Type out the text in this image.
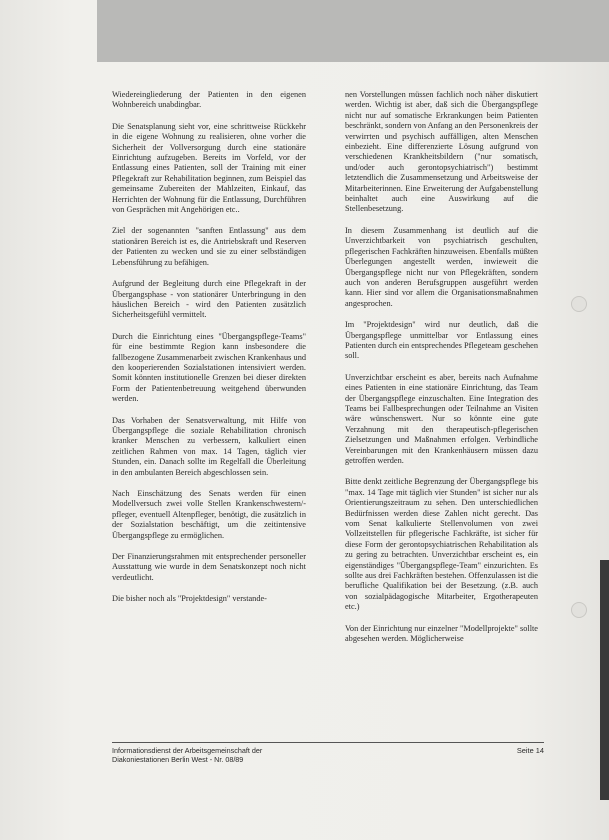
Wiedereingliederung der Patienten in den eigenen Wohnbereich unabdingbar.

Die Senatsplanung sieht vor, eine schrittweise Rückkehr in die eigene Wohnung zu realisieren, ohne vorher die Sicherheit der Vollversorgung durch eine stationäre Einrichtung aufzugeben. Bereits im Vorfeld, vor der Entlassung eines Patienten, soll der Training mit einer Pflegekraft zur Rehabilitation beginnen, zum Beispiel das gemeinsame Zubereiten der Mahlzeiten, Einkauf, das Herrichten der Wohnung für die Entlassung, Durchführen von Gesprächen mit Angehörigen etc..

Ziel der sogenannten "sanften Entlassung" aus dem stationären Bereich ist es, die Antriebskraft und Reserven der Patienten zu wecken und sie zu einer selbständigen Lebensführung zu befähigen.

Aufgrund der Begleitung durch eine Pflegekraft in der Übergangsphase - von stationärer Unterbringung in den häuslichen Bereich - wird den Patienten zusätzlich Sicherheitsgefühl vermittelt.

Durch die Einrichtung eines "Übergangspflege-Teams" für eine bestimmte Region kann insbesondere die fallbezogene Zusammenarbeit zwischen Krankenhaus und den kooperierenden Sozialstationen intensiviert werden. Somit könnten institutionelle Grenzen bei dieser direkten Form der Patientenbetreuung weitgehend überwunden werden.

Das Vorhaben der Senatsverwaltung, mit Hilfe von Übergangspflege die soziale Rehabilitation chronisch kranker Menschen zu verbessern, kalkuliert einen zeitlichen Rahmen von max. 14 Tagen, täglich vier Stunden, ein. Danach sollte im Regelfall die Überleitung in den ambulanten Bereich abgeschlossen sein.

Nach Einschätzung des Senats werden für einen Modellversuch zwei volle Stellen Krankenschwestern/-pfleger, eventuell Altenpfleger, benötigt, die zusätzlich in der Sozialstation beschäftigt, um die zeitintensive Übergangspflege zu ermöglichen.

Der Finanzierungsrahmen mit entsprechender personeller Ausstattung wie wurde in dem Senatskonzept noch nicht verdeutlicht.

Die bisher noch als "Projektdesign" verstande-

nen Vorstellungen müssen fachlich noch näher diskutiert werden. Wichtig ist aber, daß sich die Übergangspflege nicht nur auf somatische Erkrankungen beim Patienten beschränkt, sondern von Anfang an den Personenkreis der verwirrten und psychisch auffälligen, alten Menschen einbezieht. Eine differenzierte Lösung aufgrund von verschiedenen Krankheitsbildern ("nur somatisch, und/oder auch gerontopsychiatrisch") bestimmt letztendlich die Zusammensetzung und Arbeitsweise der Mitarbeiterinnen. Eine Erweiterung der Aufgabenstellung beinhaltet auch eine Auswirkung auf die Stellenbesetzung.

In diesem Zusammenhang ist deutlich auf die Unverzichtbarkeit von psychiatrisch geschulten, pflegerischen Fachkräften hinzuweisen. Ebenfalls müßten Überlegungen angestellt werden, inwieweit die Übergangspflege nicht nur von Pflegekräften, sondern auch von anderen Berufsgruppen ausgeführt werden kann. Hier sind vor allem die Organisationsmaßnahmen angesprochen.

Im "Projektdesign" wird nur deutlich, daß die Übergangspflege unmittelbar vor Entlassung eines Patienten durch ein entsprechendes Pflegeteam geschehen soll.

Unverzichtbar erscheint es aber, bereits nach Aufnahme eines Patienten in eine stationäre Einrichtung, das Team der Übergangspflege einzuschalten. Eine Integration des Teams bei Fallbesprechungen oder Teilnahme an Visiten wäre wünschenswert. Nur so könnte eine gute Verzahnung mit den therapeutisch-pflegerischen Zielsetzungen und Maßnahmen erfolgen. Verbindliche Vereinbarungen mit den Krankenhäusern müssen dazu getroffen werden.

Bitte denkt zeitliche Begrenzung der Übergangspflege bis "max. 14 Tage mit täglich vier Stunden" ist sicher nur als Orientierungszeitraum zu sehen. Den unterschiedlichen Bedürfnissen werden diese Zahlen nicht gerecht. Das vom Senat kalkulierte Stellenvolumen von zwei Vollzeitstellen für pflegerische Fachkräfte, ist sicher für diese Form der gerontopsychiatrischen Rehabilitation als zu gering zu betrachten. Unverzichtbar erscheint es, ein eigenständiges "Übergangspflege-Team" einzurichten. Es sollte aus drei Fachkräften bestehen. Offenzulassen ist die berufliche Qualifikation bei der Besetzung. (z.B. auch von sozialpädagogische Mitarbeiter, Ergotherapeuten etc.)

Von der Einrichtung nur einzelner "Modellprojekte" sollte abgesehen werden. Möglicherweise

Informationsdienst der Arbeitsgemeinschaft der
Diakoniestationen Berlin West - Nr. 08/89
Seite 14
